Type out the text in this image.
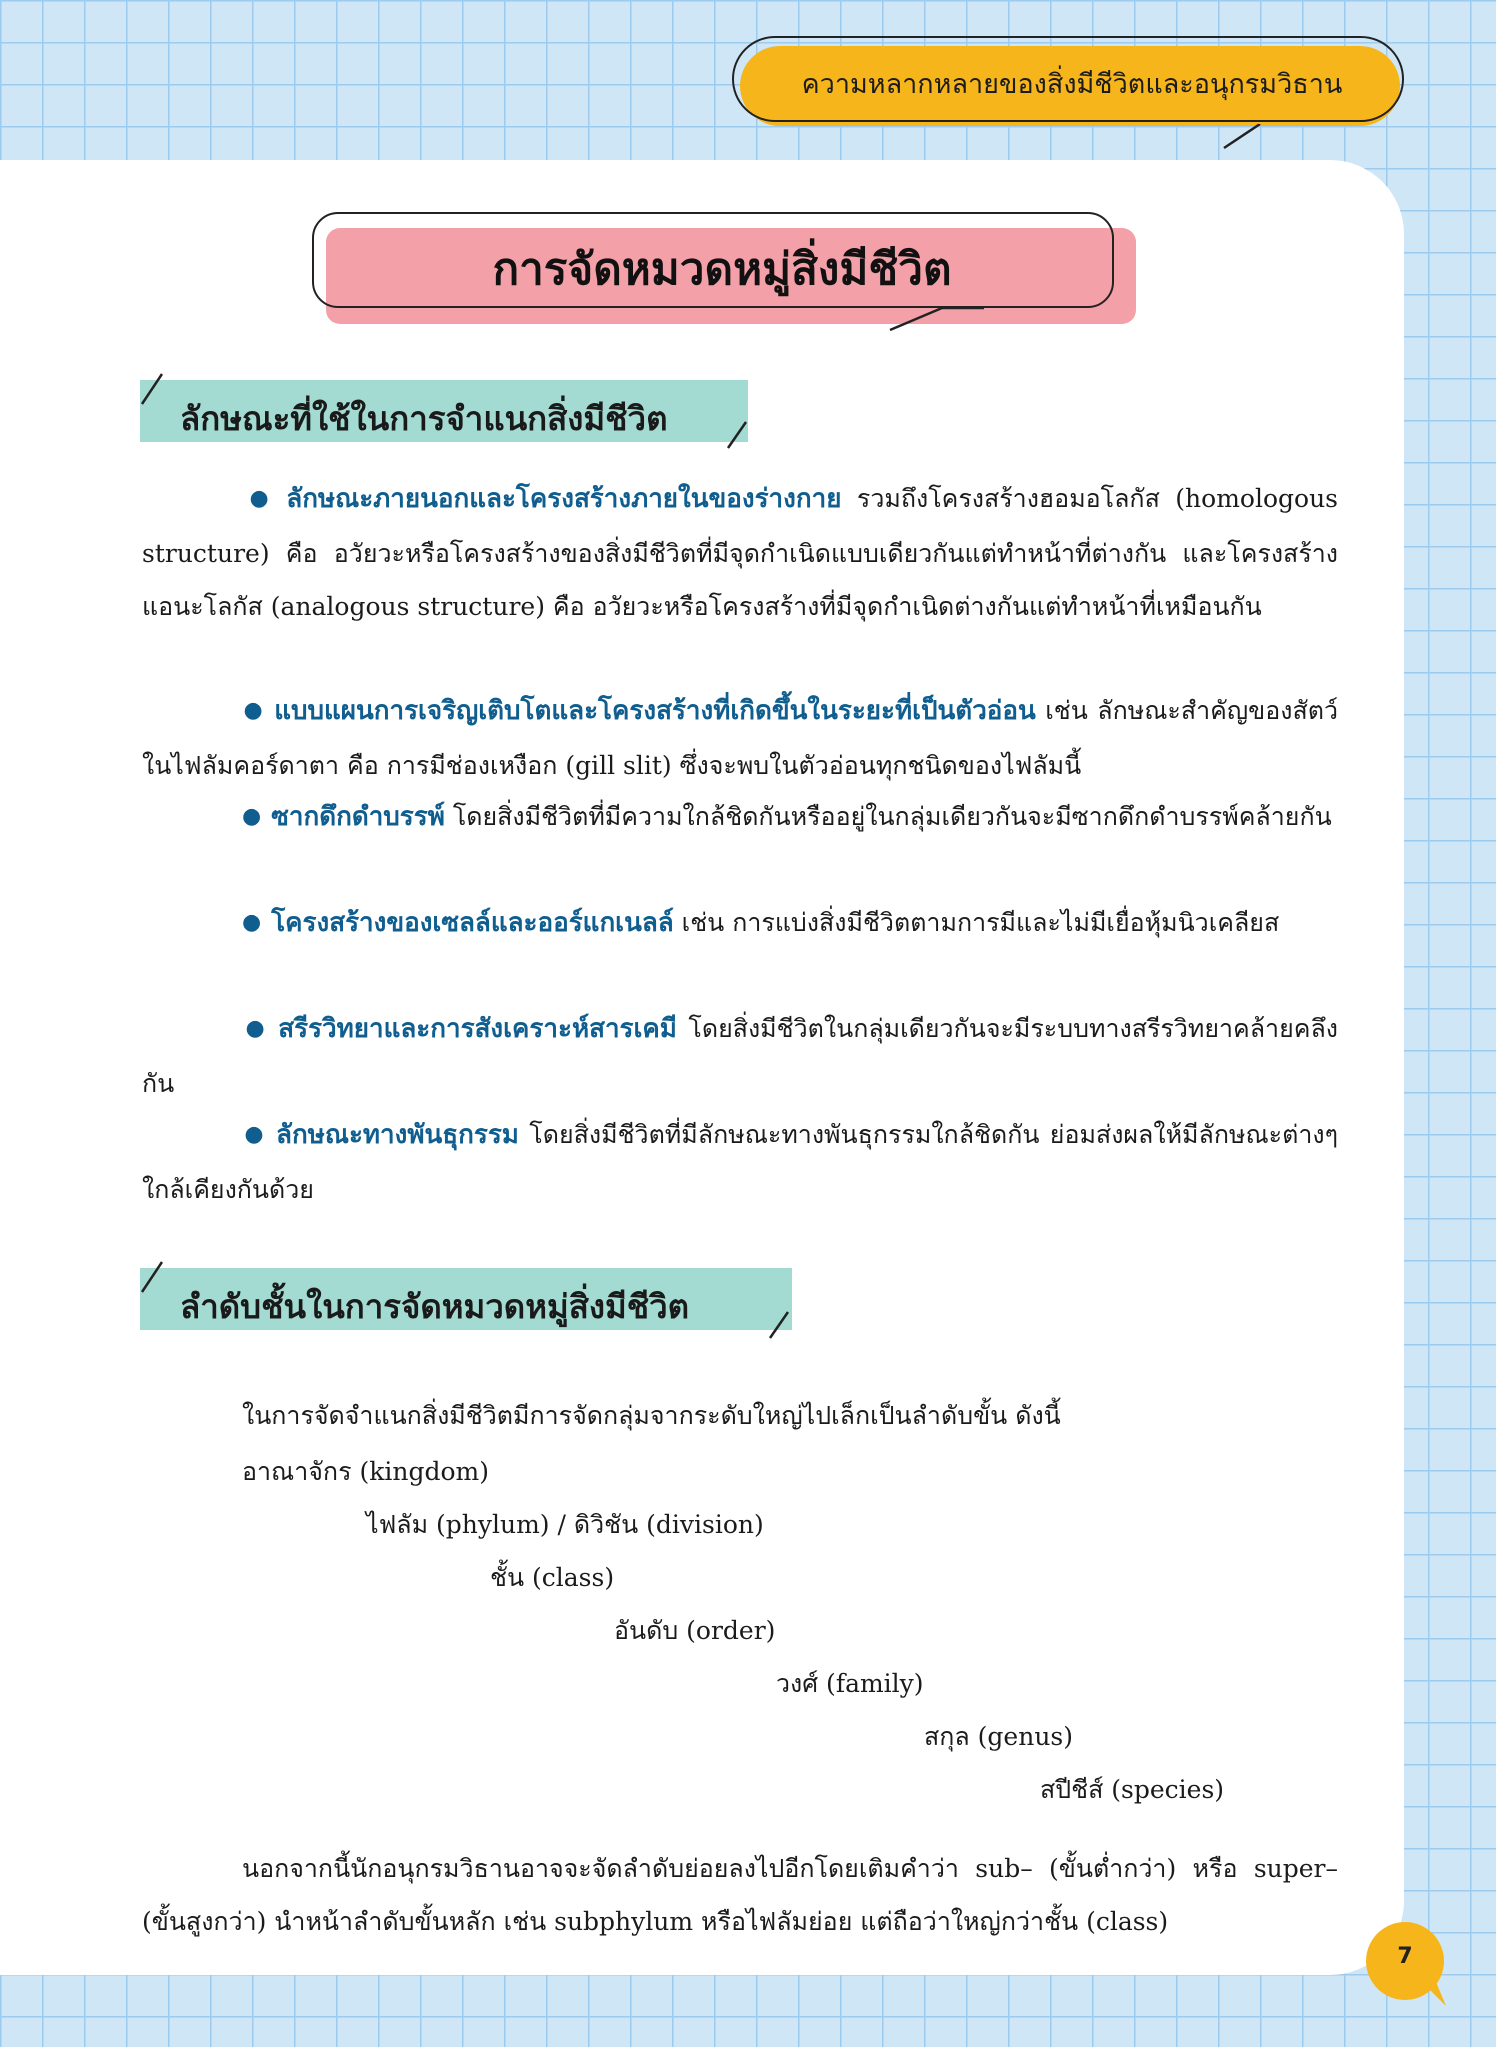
ความหลากหลายของสิ่งมีชีวิตและอนุกรมวิธาน
การจัดหมวดหมู่สิ่งมีชีวิต
ลักษณะที่ใช้ในการจำแนกสิ่งมีชีวิต
● ลักษณะภายนอกและโครงสร้างภายในของร่างกาย รวมถึงโครงสร้างฮอมอโลกัส (homologous structure) คือ อวัยวะหรือโครงสร้างของสิ่งมีชีวิตที่มีจุดกำเนิดแบบเดียวกันแต่ทำหน้าที่ต่างกัน และโครงสร้างแอนะโลกัส (analogous structure) คือ อวัยวะหรือโครงสร้างที่มีจุดกำเนิดต่างกันแต่ทำหน้าที่เหมือนกัน
● แบบแผนการเจริญเติบโตและโครงสร้างที่เกิดขึ้นในระยะที่เป็นตัวอ่อน เช่น ลักษณะสำคัญของสัตว์ในไฟลัมคอร์ดาตา คือ การมีช่องเหงือก (gill slit) ซึ่งจะพบในตัวอ่อนทุกชนิดของไฟลัมนี้
● ซากดึกดำบรรพ์ โดยสิ่งมีชีวิตที่มีความใกล้ชิดกันหรืออยู่ในกลุ่มเดียวกันจะมีซากดึกดำบรรพ์คล้ายกัน
● โครงสร้างของเซลล์และออร์แกเนลล์ เช่น การแบ่งสิ่งมีชีวิตตามการมีและไม่มีเยื่อหุ้มนิวเคลียส
● สรีรวิทยาและการสังเคราะห์สารเคมี โดยสิ่งมีชีวิตในกลุ่มเดียวกันจะมีระบบทางสรีรวิทยาคล้ายคลึงกัน
● ลักษณะทางพันธุกรรม โดยสิ่งมีชีวิตที่มีลักษณะทางพันธุกรรมใกล้ชิดกัน ย่อมส่งผลให้มีลักษณะต่างๆ ใกล้เคียงกันด้วย
ลำดับชั้นในการจัดหมวดหมู่สิ่งมีชีวิต
ในการจัดจำแนกสิ่งมีชีวิตมีการจัดกลุ่มจากระดับใหญ่ไปเล็กเป็นลำดับขั้น ดังนี้
อาณาจักร (kingdom)
ไฟลัม (phylum) / ดิวิชัน (division)
ชั้น (class)
อันดับ (order)
วงศ์ (family)
สกุล (genus)
สปีชีส์ (species)
นอกจากนี้นักอนุกรมวิธานอาจจะจัดลำดับย่อยลงไปอีกโดยเติมคำว่า sub– (ขั้นต่ำกว่า) หรือ super– (ขั้นสูงกว่า) นำหน้าลำดับขั้นหลัก เช่น subphylum หรือไฟลัมย่อย แต่ถือว่าใหญ่กว่าชั้น (class)
7
